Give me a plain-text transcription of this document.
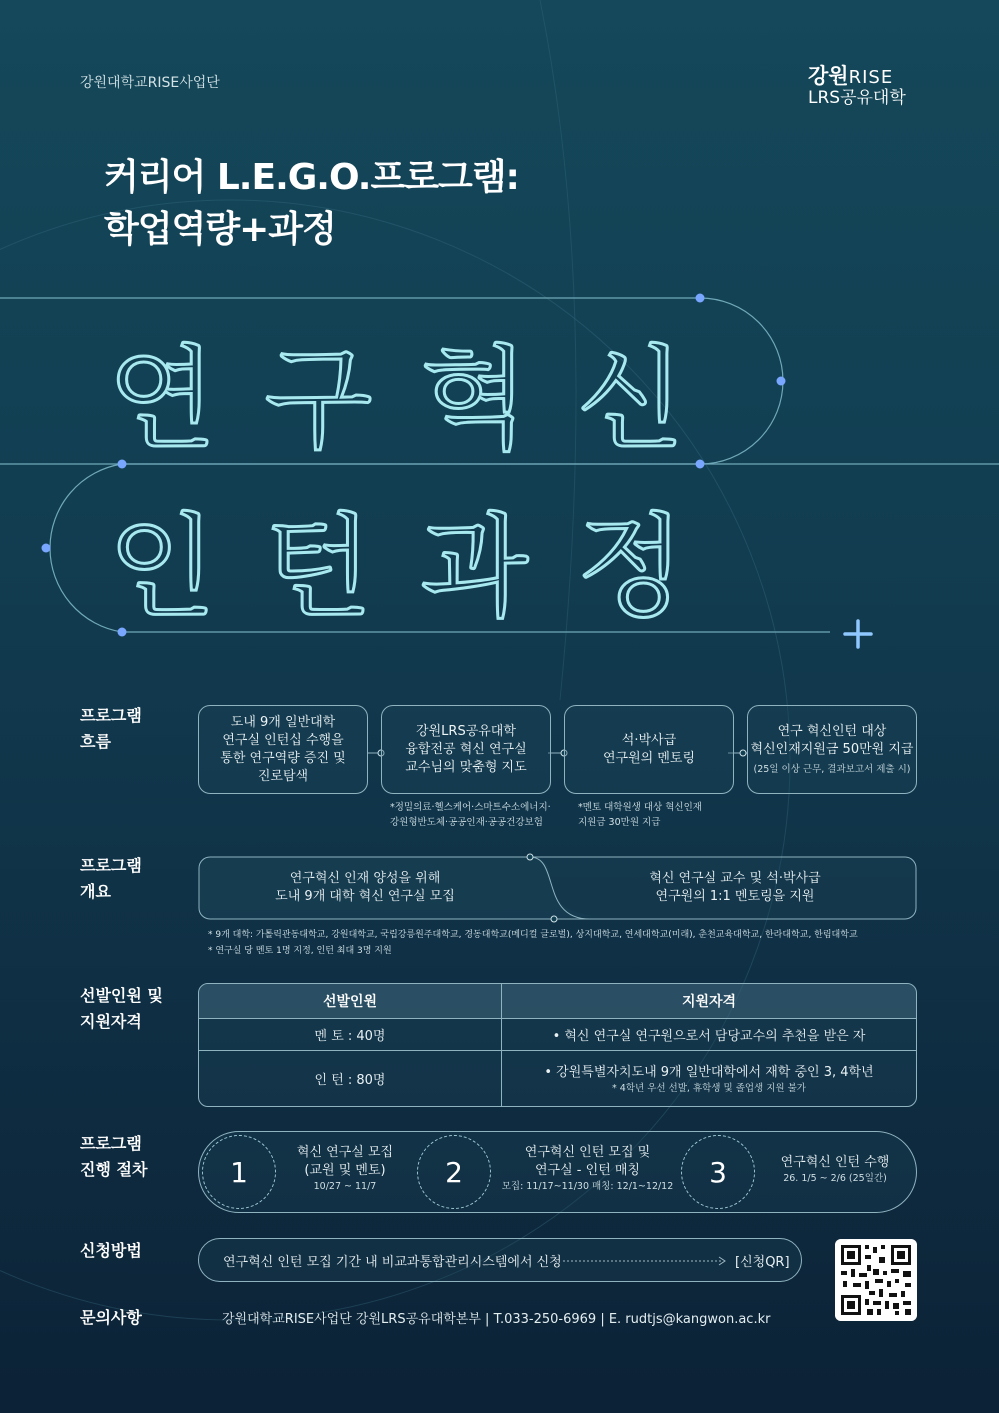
연구혁신
인턴과정
강원대학교RISE사업단	강원RISE
LRS공유대학
커리어 L.E.G.O.프로그램:
학업역량+과정
프로그램
흐름
도내 9개 일반대학
연구실 인턴십 수행을
통한 연구역량 증진 및
진로탐색
강원LRS공유대학
융합전공 혁신 연구실
교수님의 맞춤형 지도
석·박사급
연구원의 멘토링
연구 혁신인턴 대상
혁신인재지원금 50만원 지급
(25일 이상 근무, 결과보고서 제출 시)
*정밀의료·헬스케어·스마트수소에너지·
강원형반도체·공공인재·공공건강보험
*멘토 대학원생 대상 혁신인재
지원금 30만원 지급
프로그램
개요
연구혁신 인재 양성을 위해
도내 9개 대학 혁신 연구실 모집
혁신 연구실 교수 및 석·박사급
연구원의 1:1 멘토링을 지원
* 9개 대학: 가톨릭관동대학교, 강원대학교, 국립강릉원주대학교, 경동대학교(메디컬 글로벌), 상지대학교, 연세대학교(미래), 춘천교육대학교, 한라대학교, 한림대학교
* 연구실 당 멘토 1명 지정, 인턴 최대 3명 지원
선발인원 및
지원자격
선발인원	지원자격
멘 토 : 40명	• 혁신 연구실 연구원으로서 담당교수의 추천을 받은 자
인 턴 : 80명	• 강원특별자치도내 9개 일반대학에서 재학 중인 3, 4학년
* 4학년 우선 선발, 휴학생 및 졸업생 지원 불가
프로그램
진행 절차	1
혁신 연구실 모집
(교원 및 멘토)
10/27 ~ 11/7	2
연구혁신 인턴 모집 및
연구실 - 인턴 매칭
모집: 11/17~11/30 매칭: 12/1~12/12	3	연구혁신 인턴 수행
26. 1/5 ~ 2/6 (25일간)
신청방법
연구혁신 인턴 모집 기간 내 비교과통합관리시스템에서 신청	[신청QR]
문의사항	강원대학교RISE사업단 강원LRS공유대학본부 | T.033-250-6969 | E. rudtjs@kangwon.ac.kr
